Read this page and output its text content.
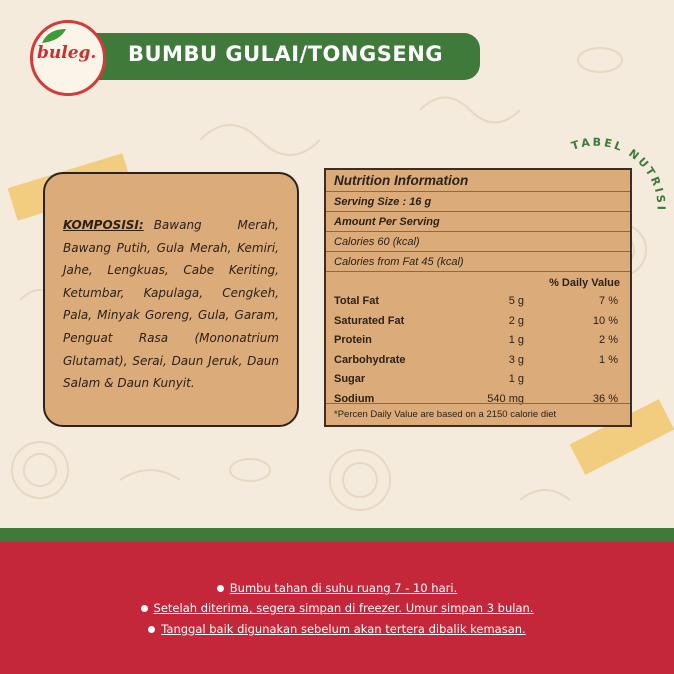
BUMBU GULAI/TONGSENG
buleg.

KOMPOSISI: Bawang Merah, Bawang Putih, Gula Merah, Kemiri, Jahe, Lengkuas, Cabe Keriting, Ketumbar, Kapulaga, Cengkeh, Pala, Minyak Goreng, Gula, Garam, Penguat Rasa (Mononatrium Glutamat), Serai, Daun Jeruk, Daun Salam & Daun Kunyit.

Nutrition Information
Serving Size : 16 g
Amount Per Serving
Calories 60 (kcal)
Calories from Fat 45 (kcal)
% Daily Value
Total Fat	5 g	7 %
Saturated Fat	2 g	10 %
Protein	1 g	2 %
Carbohydrate	3 g	1 %
Sugar	1 g
Sodium	540 mg	36 %
*Percen Daily Value are based on a 2150 calorie diet
TABEL NUTRISI
Bumbu tahan di suhu ruang 7 - 10 hari.
Setelah diterima, segera simpan di freezer. Umur simpan 3 bulan.
Tanggal baik digunakan sebelum akan tertera dibalik kemasan.
